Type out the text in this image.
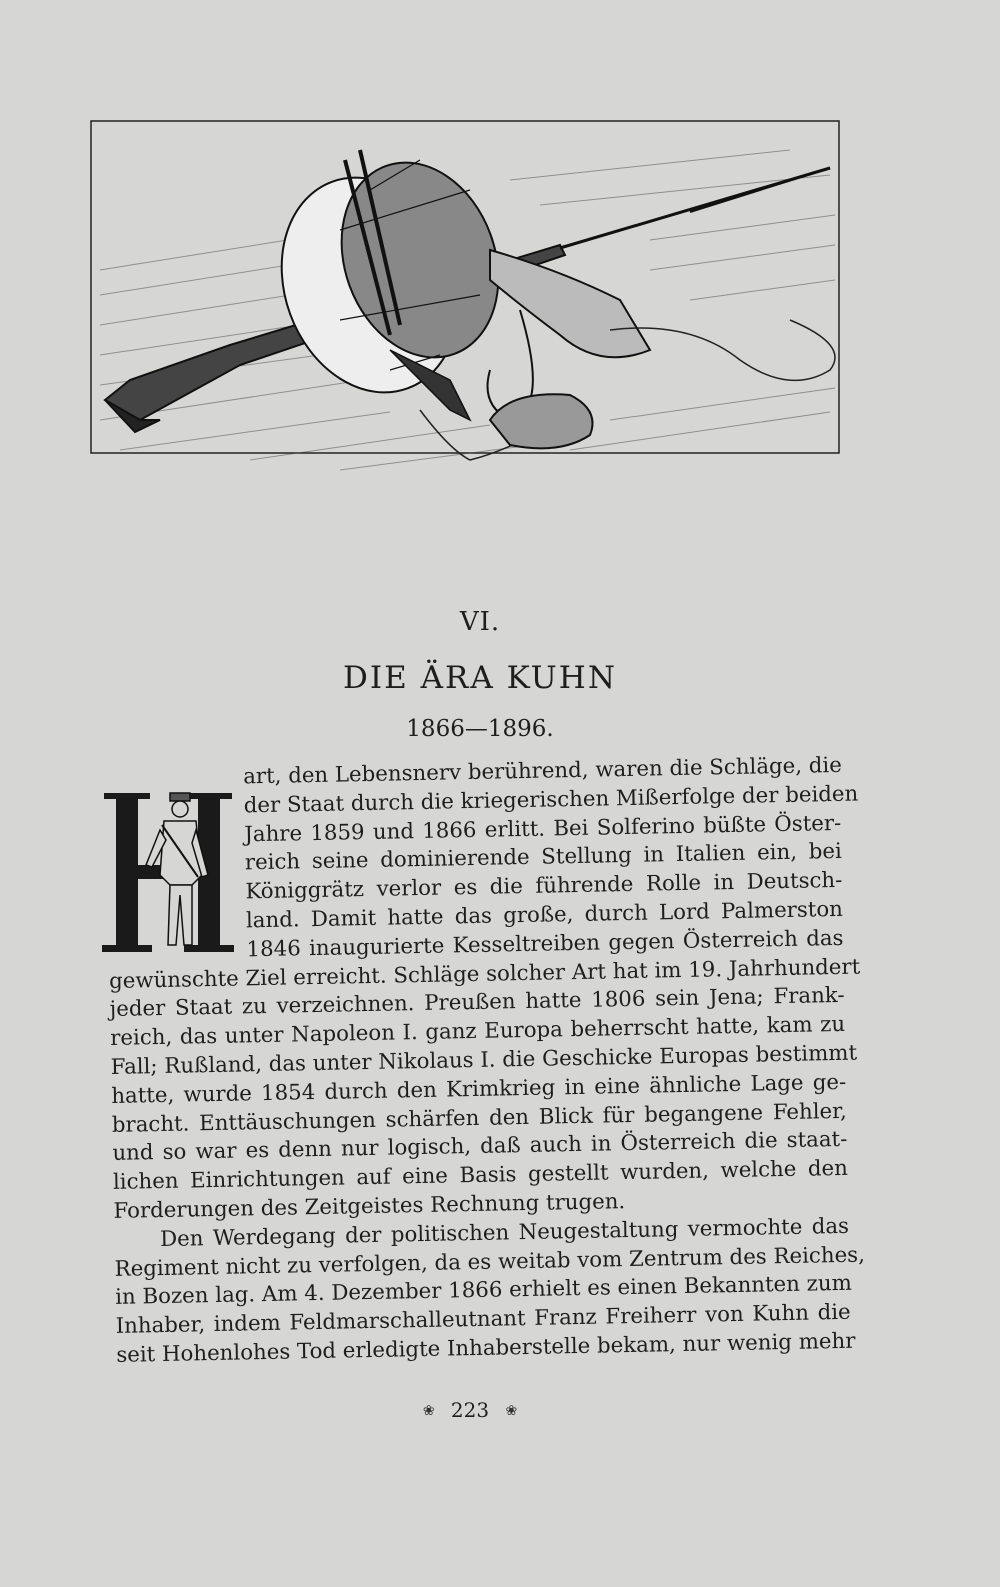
VI.
DIE ÄRA KUHN
1866—1896.
art, den Lebensnerv berührend, waren die Schläge, die
der Staat durch die kriegerischen Mißerfolge der beiden
Jahre 1859 und 1866 erlitt. Bei Solferino büßte Öster-
reich seine dominierende Stellung in Italien ein, bei
Königgrätz verlor es die führende Rolle in Deutsch-
land. Damit hatte das große, durch Lord Palmerston
1846 inaugurierte Kesseltreiben gegen Österreich das
gewünschte Ziel erreicht. Schläge solcher Art hat im 19. Jahrhundert
jeder Staat zu verzeichnen. Preußen hatte 1806 sein Jena; Frank-
reich, das unter Napoleon I. ganz Europa beherrscht hatte, kam zu
Fall; Rußland, das unter Nikolaus I. die Geschicke Europas bestimmt
hatte, wurde 1854 durch den Krimkrieg in eine ähnliche Lage ge-
bracht. Enttäuschungen schärfen den Blick für begangene Fehler,
und so war es denn nur logisch, daß auch in Österreich die staat-
lichen Einrichtungen auf eine Basis gestellt wurden, welche den
Forderungen des Zeitgeistes Rechnung trugen.
Den Werdegang der politischen Neugestaltung vermochte das
Regiment nicht zu verfolgen, da es weitab vom Zentrum des Reiches,
in Bozen lag. Am 4. Dezember 1866 erhielt es einen Bekannten zum
Inhaber, indem Feldmarschalleutnant Franz Freiherr von Kuhn die
seit Hohenlohes Tod erledigte Inhaberstelle bekam, nur wenig mehr
❀ 223 ❀
